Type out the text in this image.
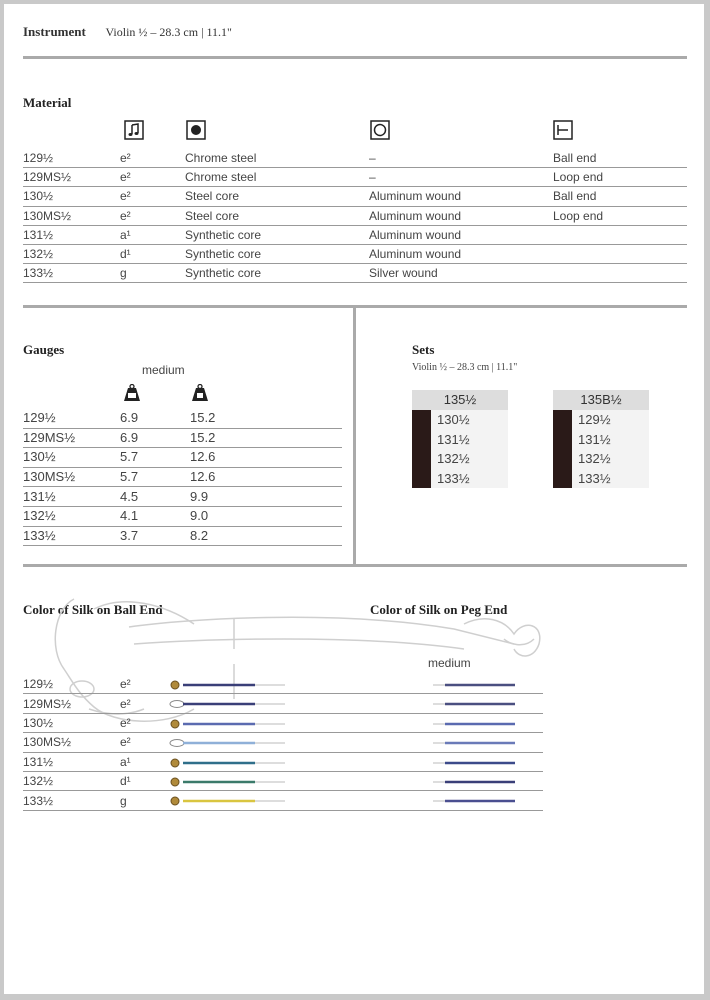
Instrument Violin ½ – 28.3 cm | 11.1"
Material
129½	e²	Chrome steel	–	Ball end
129MS½	e²	Chrome steel	–	Loop end
130½	e²	Steel core	Aluminum wound	Ball end
130MS½	e²	Steel core	Aluminum wound	Loop end
131½	a¹	Synthetic core	Aluminum wound	
132½	d¹	Synthetic core	Aluminum wound	
133½	g	Synthetic core	Silver wound	
Gauges
medium
129½	6.9	15.2
129MS½	6.9	15.2
130½	5.7	12.6
130MS½	5.7	12.6
131½	4.5	9.9
132½	4.1	9.0
133½	3.7	8.2
Sets
Violin ½ – 28.3 cm | 11.1"
135½
130½
131½
132½
133½
135B½
129½
131½
132½
133½
Color of Silk on Ball End	Color of Silk on Peg End
medium
129½	e²	
129MS½	e²	
130½	e²	
130MS½	e²	
131½	a¹	
132½	d¹	
133½	g	
